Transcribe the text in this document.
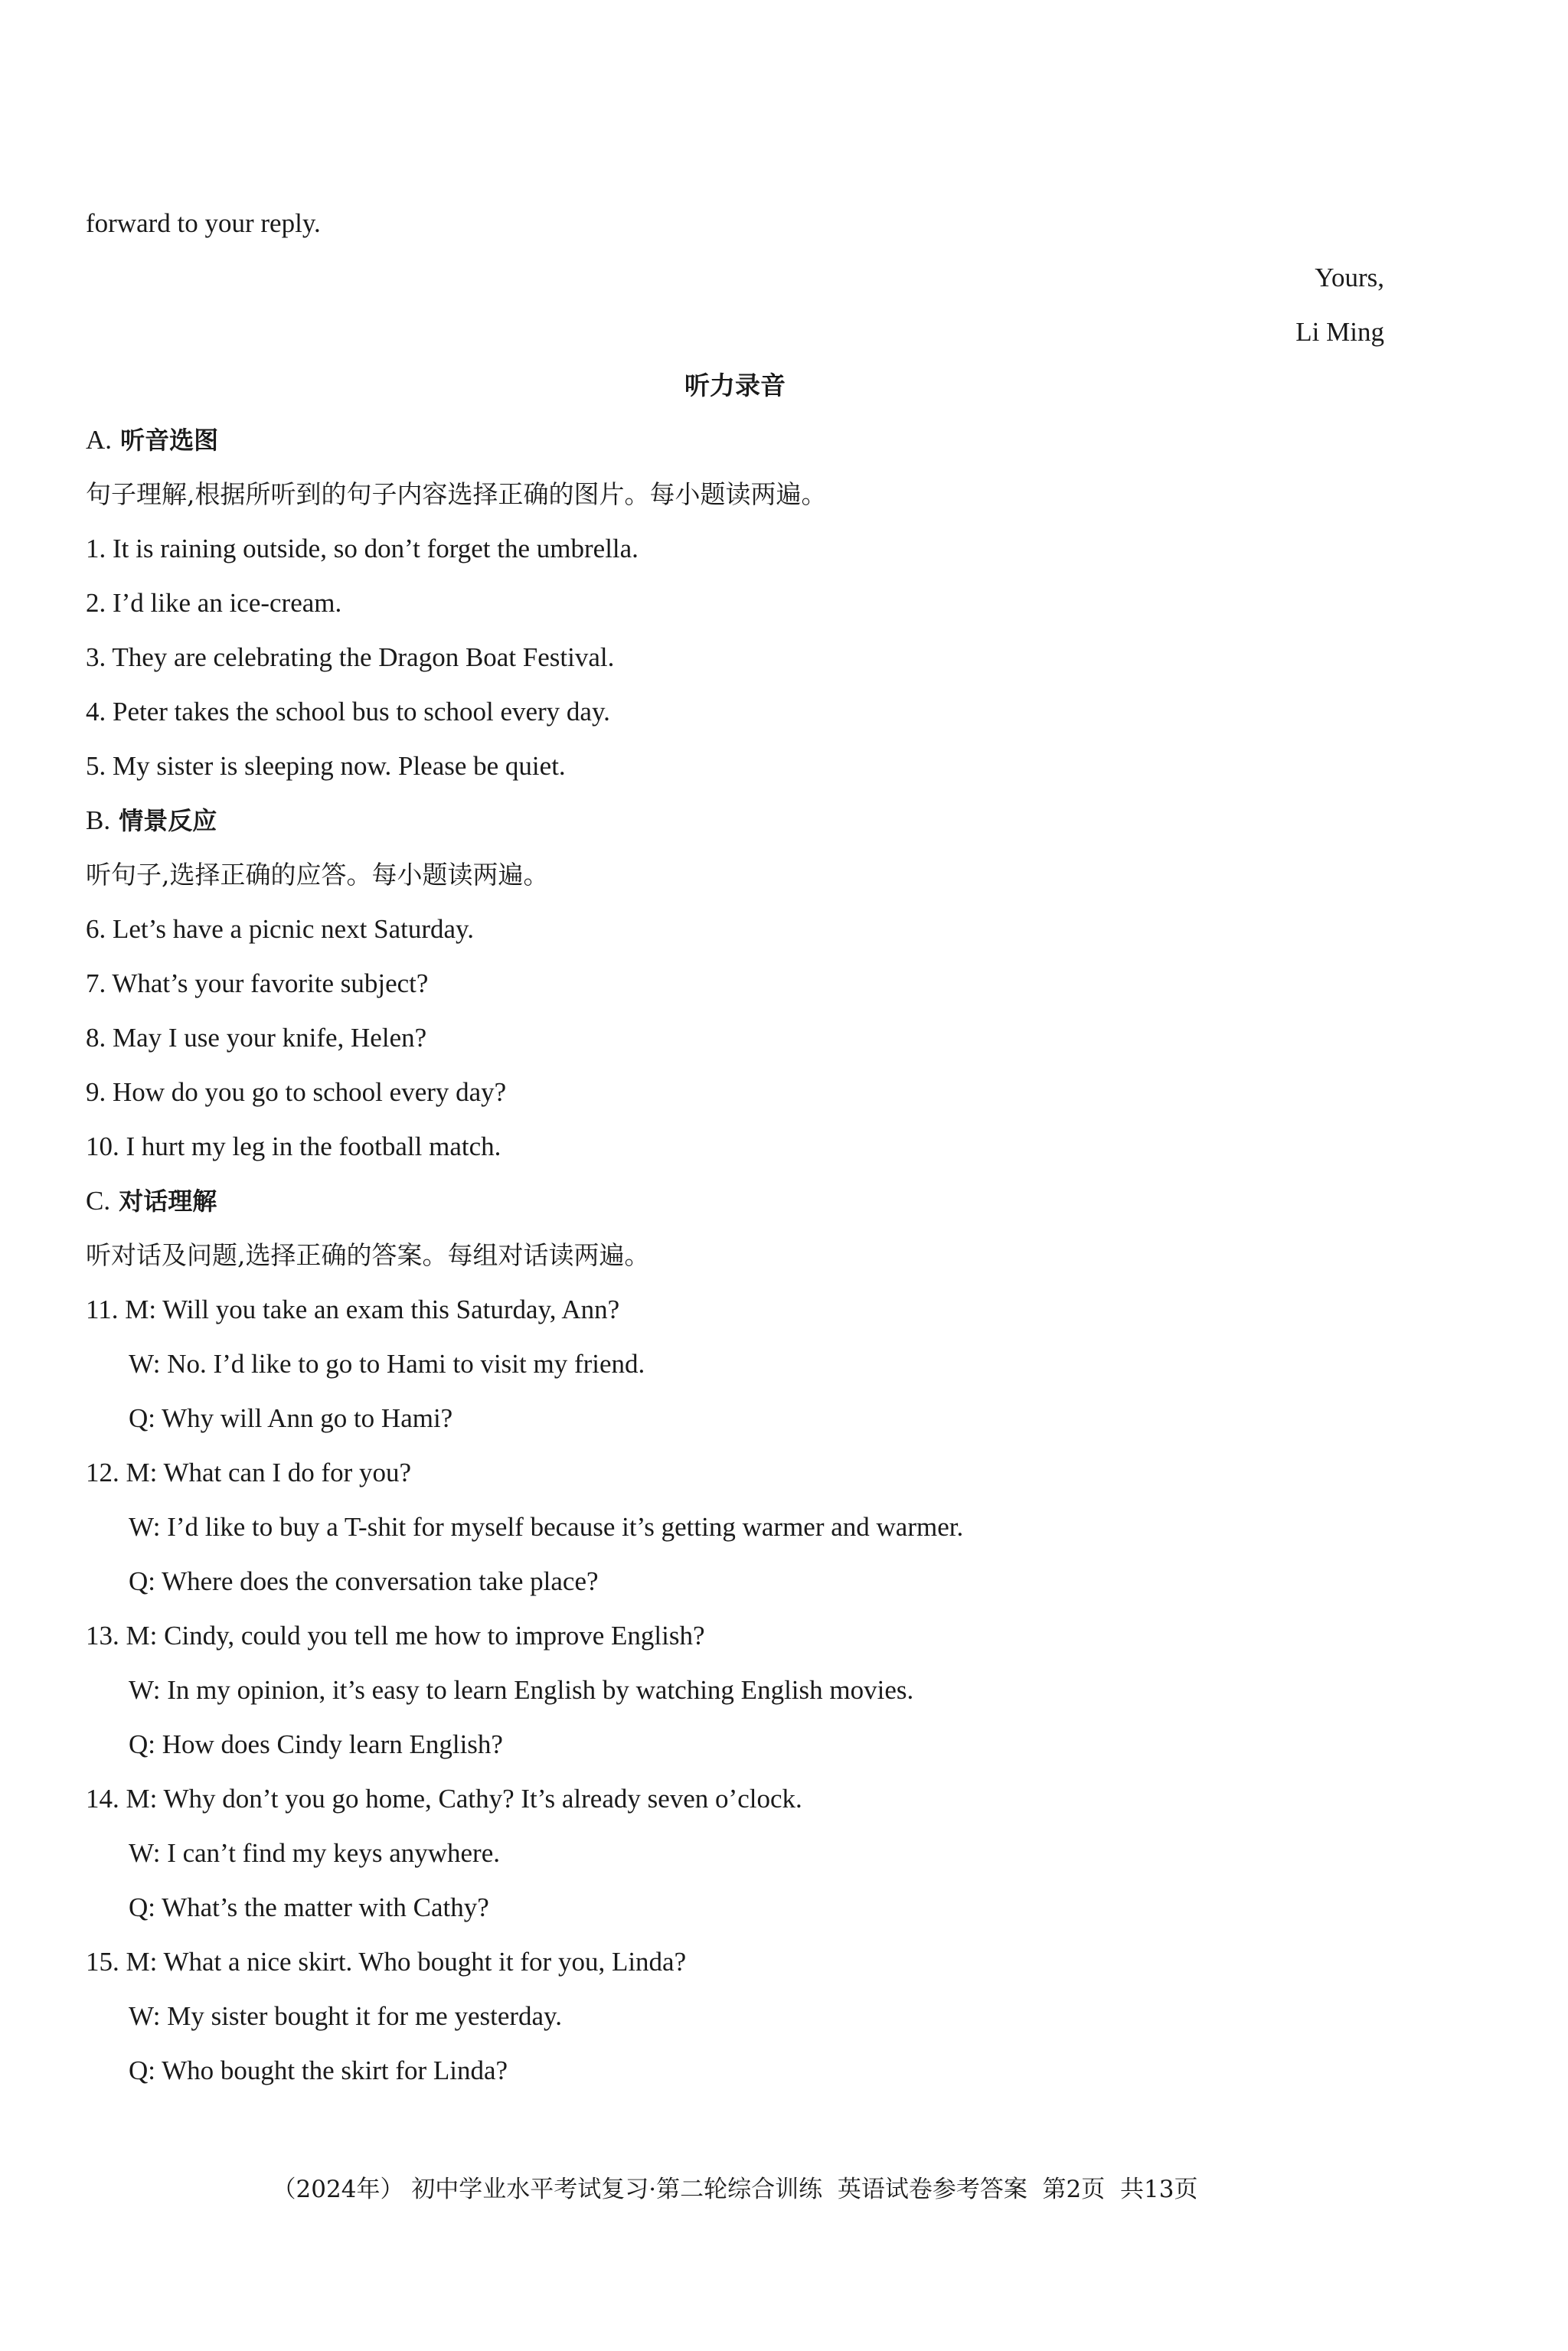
forward to your reply.
Yours,
Li Ming
听力录音
A. 听音选图
句子理解,根据所听到的句子内容选择正确的图片。每小题读两遍。
1. It is raining outside, so don’t forget the umbrella.
2. I’d like an ice-cream.
3. They are celebrating the Dragon Boat Festival.
4. Peter takes the school bus to school every day.
5. My sister is sleeping now. Please be quiet.
B. 情景反应
听句子,选择正确的应答。每小题读两遍。
6. Let’s have a picnic next Saturday.
7. What’s your favorite subject?
8. May I use your knife, Helen?
9. How do you go to school every day?
10. I hurt my leg in the football match.
C. 对话理解
听对话及问题,选择正确的答案。每组对话读两遍。
11. M: Will you take an exam this Saturday, Ann?
W: No. I’d like to go to Hami to visit my friend.
Q: Why will Ann go to Hami?
12. M: What can I do for you?
W: I’d like to buy a T-shit for myself because it’s getting warmer and warmer.
Q: Where does the conversation take place?
13. M: Cindy, could you tell me how to improve English?
W: In my opinion, it’s easy to learn English by watching English movies.
Q: How does Cindy learn English?
14. M: Why don’t you go home, Cathy? It’s already seven o’clock.
W: I can’t find my keys anywhere.
Q: What’s the matter with Cathy?
15. M: What a nice skirt. Who bought it for you, Linda?
W: My sister bought it for me yesterday.
Q: Who bought the skirt for Linda?
（2024年） 初中学业水平考试复习·第二轮综合训练  英语试卷参考答案  第2页  共13页
